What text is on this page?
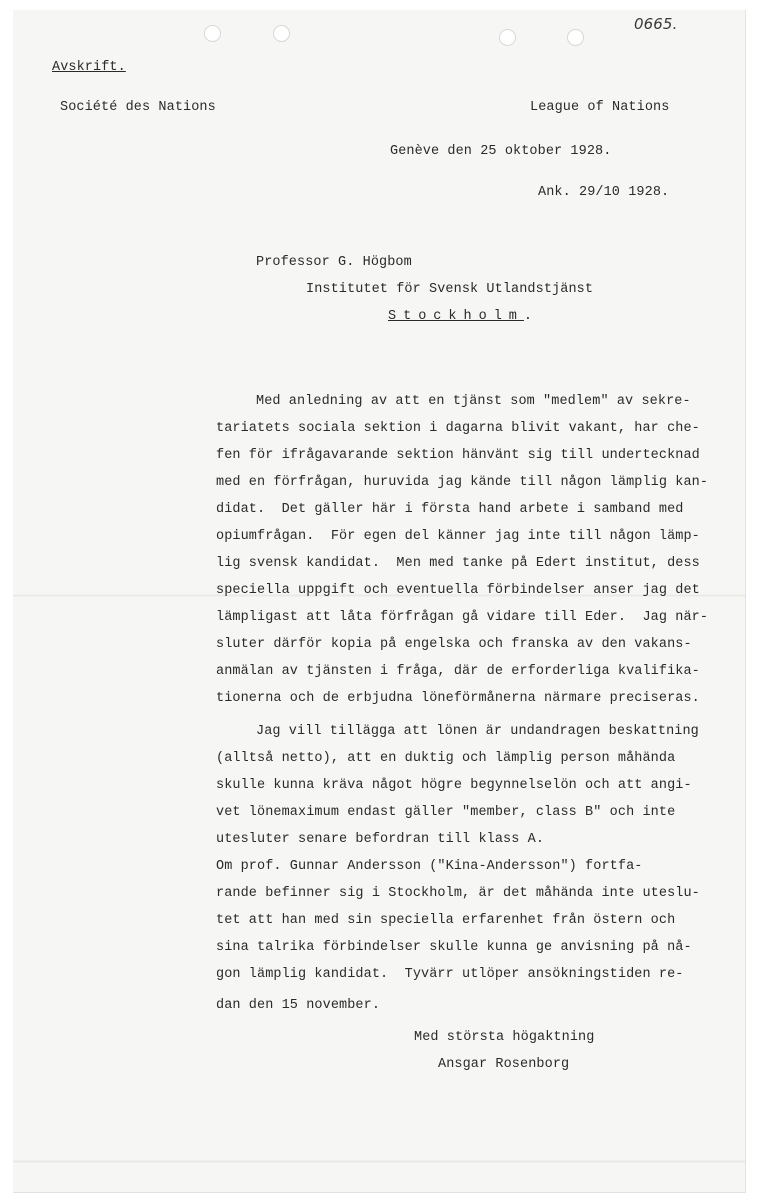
0665.
Avskrift.
Société des Nations	League of Nations
Genève den 25 oktober 1928.
Ank. 29/10 1928.
Professor G. Högbom
Institutet för Svensk Utlandstjänst
Stockholm.
Med anledning av att en tjänst som "medlem" av sekre-
tariatets sociala sektion i dagarna blivit vakant, har che-
fen för ifrågavarande sektion hänvänt sig till undertecknad
med en förfrågan, huruvida jag kände till någon lämplig kan-
didat.  Det gäller här i första hand arbete i samband med
opiumfrågan.  För egen del känner jag inte till någon lämp-
lig svensk kandidat.  Men med tanke på Edert institut, dess
speciella uppgift och eventuella förbindelser anser jag det
lämpligast att låta förfrågan gå vidare till Eder.  Jag när-
sluter därför kopia på engelska och franska av den vakans-
anmälan av tjänsten i fråga, där de erforderliga kvalifika-
tionerna och de erbjudna löneförmånerna närmare preciseras.
Jag vill tillägga att lönen är undandragen beskattning
(alltså netto), att en duktig och lämplig person måhända
skulle kunna kräva något högre begynnelselön och att angi-
vet lönemaximum endast gäller "member, class B" och inte
utesluter senare befordran till klass A.
Om prof. Gunnar Andersson ("Kina-Andersson") fortfa-
rande befinner sig i Stockholm, är det måhända inte uteslu-
tet att han med sin speciella erfarenhet från östern och
sina talrika förbindelser skulle kunna ge anvisning på nå-
gon lämplig kandidat.  Tyvärr utlöper ansökningstiden re-
dan den 15 november.
Med största högaktning
Ansgar Rosenborg
